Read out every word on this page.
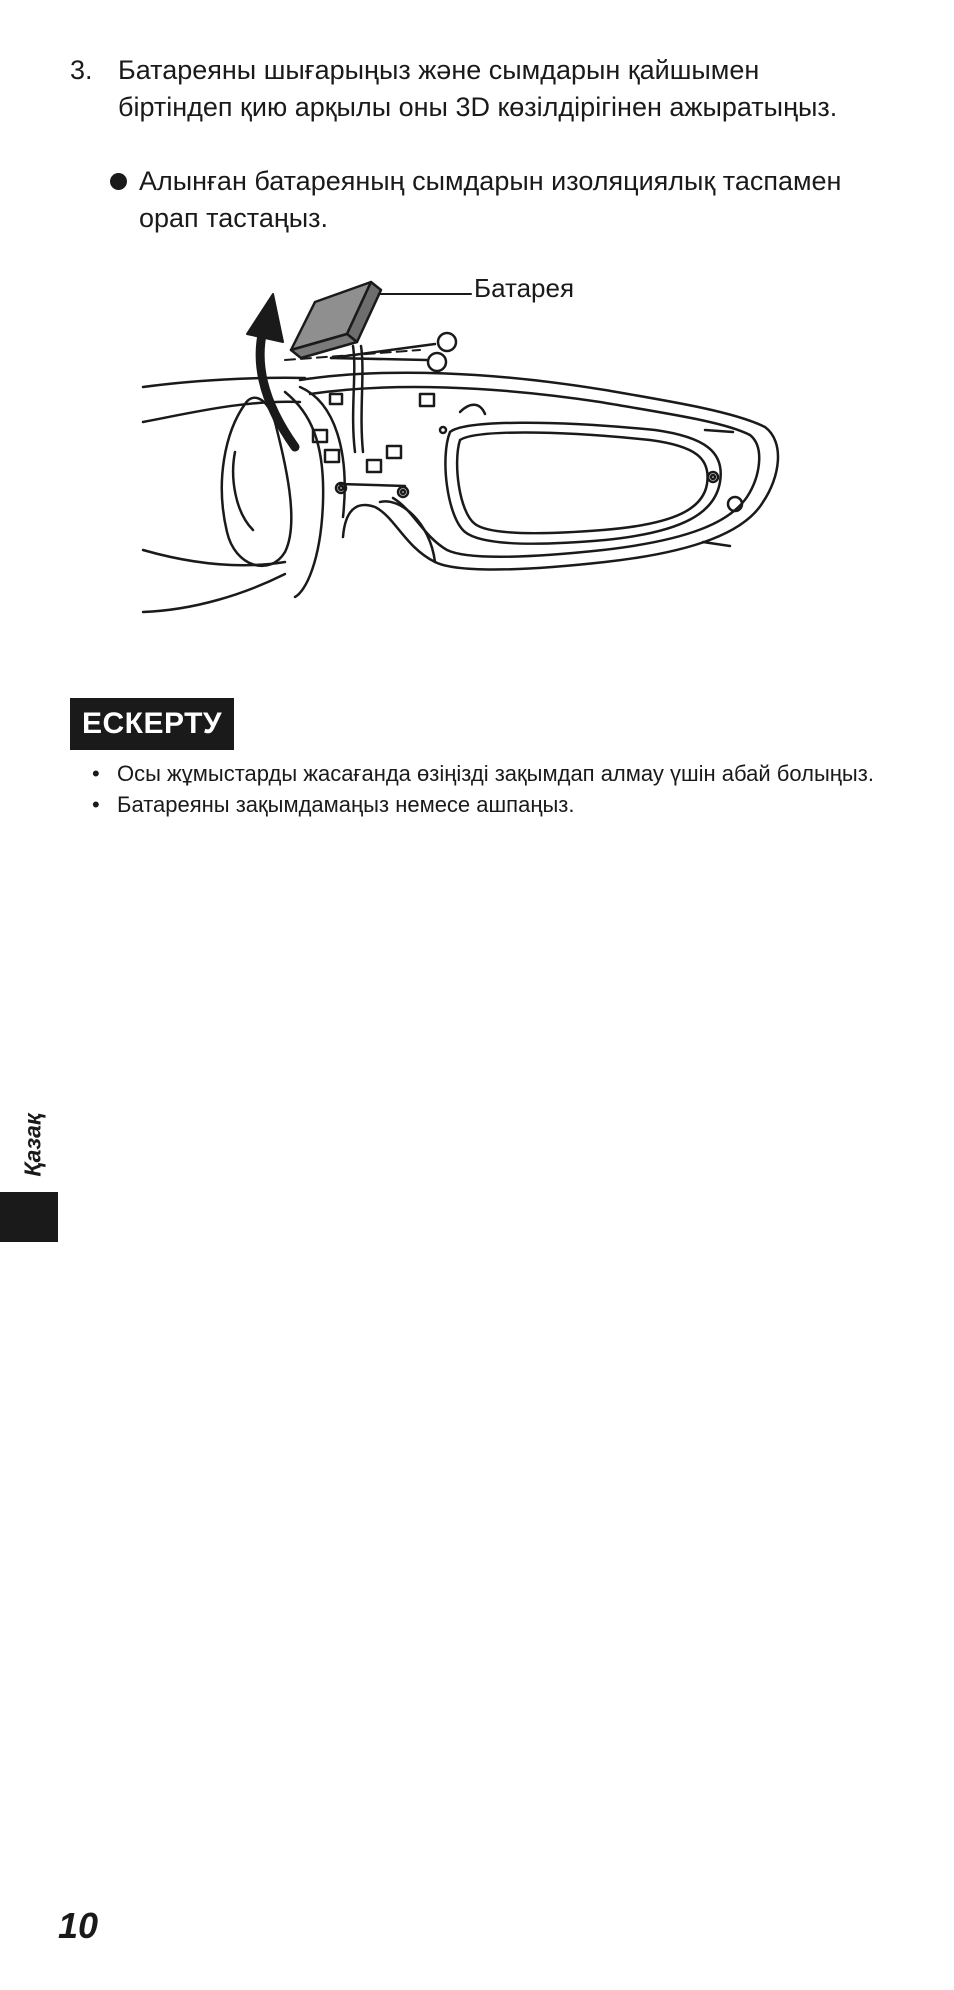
3. Батареяны шығарыңыз және сымдарын қайшымен біртіндеп қию арқылы оны 3D көзілдірігінен ажыратыңыз.
Алынған батареяның сымдарын изоляциялық таспамен орап тастаңыз.
Батарея
ЕСКЕРТУ
• Осы жұмыстарды жасағанда өзіңізді зақымдап алмау үшін абай болыңыз.
• Батареяны зақымдамаңыз немесе ашпаңыз.
Қазақ
10
